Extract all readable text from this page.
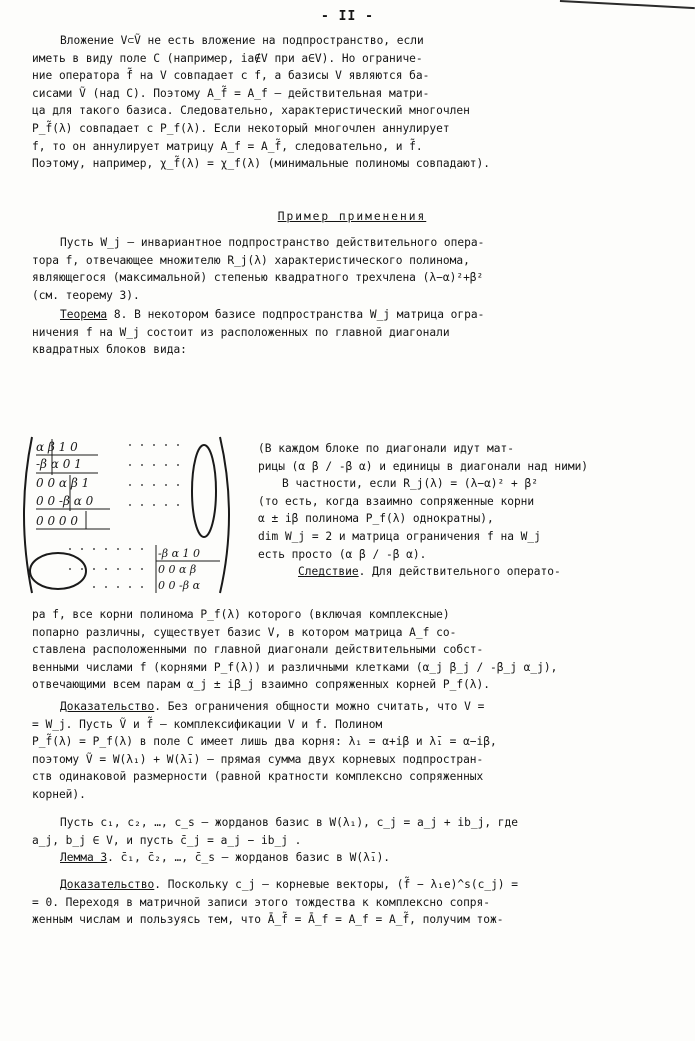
- II -
Вложение V⊂Ṽ не есть вложение на подпространство, если
иметь в виду поле C (например, ia∉V при a∈V). Но ограниче-
ние оператора f̃ на V совпадает с f, а базисы V являются ба-
сисами Ṽ (над C). Поэтому A_f̃ = A_f — действительная матри-
ца для такого базиса. Следовательно, характеристический многочлен
P_f̃(λ) совпадает с P_f(λ). Если некоторый многочлен аннулирует
f, то он аннулирует матрицу A_f = A_f̃, следовательно, и f̃.
Поэтому, например, χ_f̃(λ) = χ_f(λ) (минимальные полиномы совпадают).
Пример применения
Пусть W_j — инвариантное подпространство действительного опера-
тора f, отвечающее множителю R_j(λ) характеристического полинома,
являющегося (максимальной) степенью квадратного трехчлена (λ−α)²+β²
(см. теорему 3).
Теорема 8. В некотором базисе подпространства W_j матрица огра-
ничения f на W_j состоит из расположенных по главной диагонали
квадратных блоков вида:
α β 1 0
-β α 0 1
0 0 α β 1
0 0 -β α 0
0 0 0 0
-β α 1 0
0 0 α β
0 0 -β α
(В каждом блоке по диагонали идут мат-
рицы (α β / -β α) и единицы в диагонали над ними)
В частности, если R_j(λ) = (λ−α)² + β²
(то есть, когда взаимно сопряженные корни
α ± iβ полинома P_f(λ) однократны),
dim W_j = 2 и матрица ограничения f на W_j
есть просто (α β / -β α).
Следствие. Для действительного операто-
ра f, все корни полинома P_f(λ) которого (включая комплексные)
попарно различны, существует базис V, в котором матрица A_f со-
ставлена расположенными по главной диагонали действительными собст-
венными числами f (корнями P_f(λ)) и различными клетками (α_j β_j / -β_j α_j),
отвечающими всем парам α_j ± iβ_j взаимно сопряженных корней P_f(λ).
Доказательство. Без ограничения общности можно считать, что V =
= W_j. Пусть Ṽ и f̃ — комплексификации V и f. Полином
P_f̃(λ) = P_f(λ) в поле C имеет лишь два корня: λ₁ = α+iβ и λ̄₁ = α−iβ,
поэтому Ṽ = W(λ₁) + W(λ̄₁) — прямая сумма двух корневых подпростран-
ств одинаковой размерности (равной кратности комплексно сопряженных
корней).
Пусть c₁, c₂, …, c_s — жорданов базис в W(λ₁), c_j = a_j + ib_j, где
a_j, b_j ∈ V, и пусть c̄_j = a_j − ib_j .
Лемма 3. c̄₁, c̄₂, …, c̄_s — жорданов базис в W(λ̄₁).
Доказательство. Поскольку c_j — корневые векторы, (f̃ − λ₁e)^s(c_j) =
= 0. Переходя в матричной записи этого тождества к комплексно сопря-
женным числам и пользуясь тем, что Ā_f̃ = Ā_f = A_f = A_f̃, получим тож-
